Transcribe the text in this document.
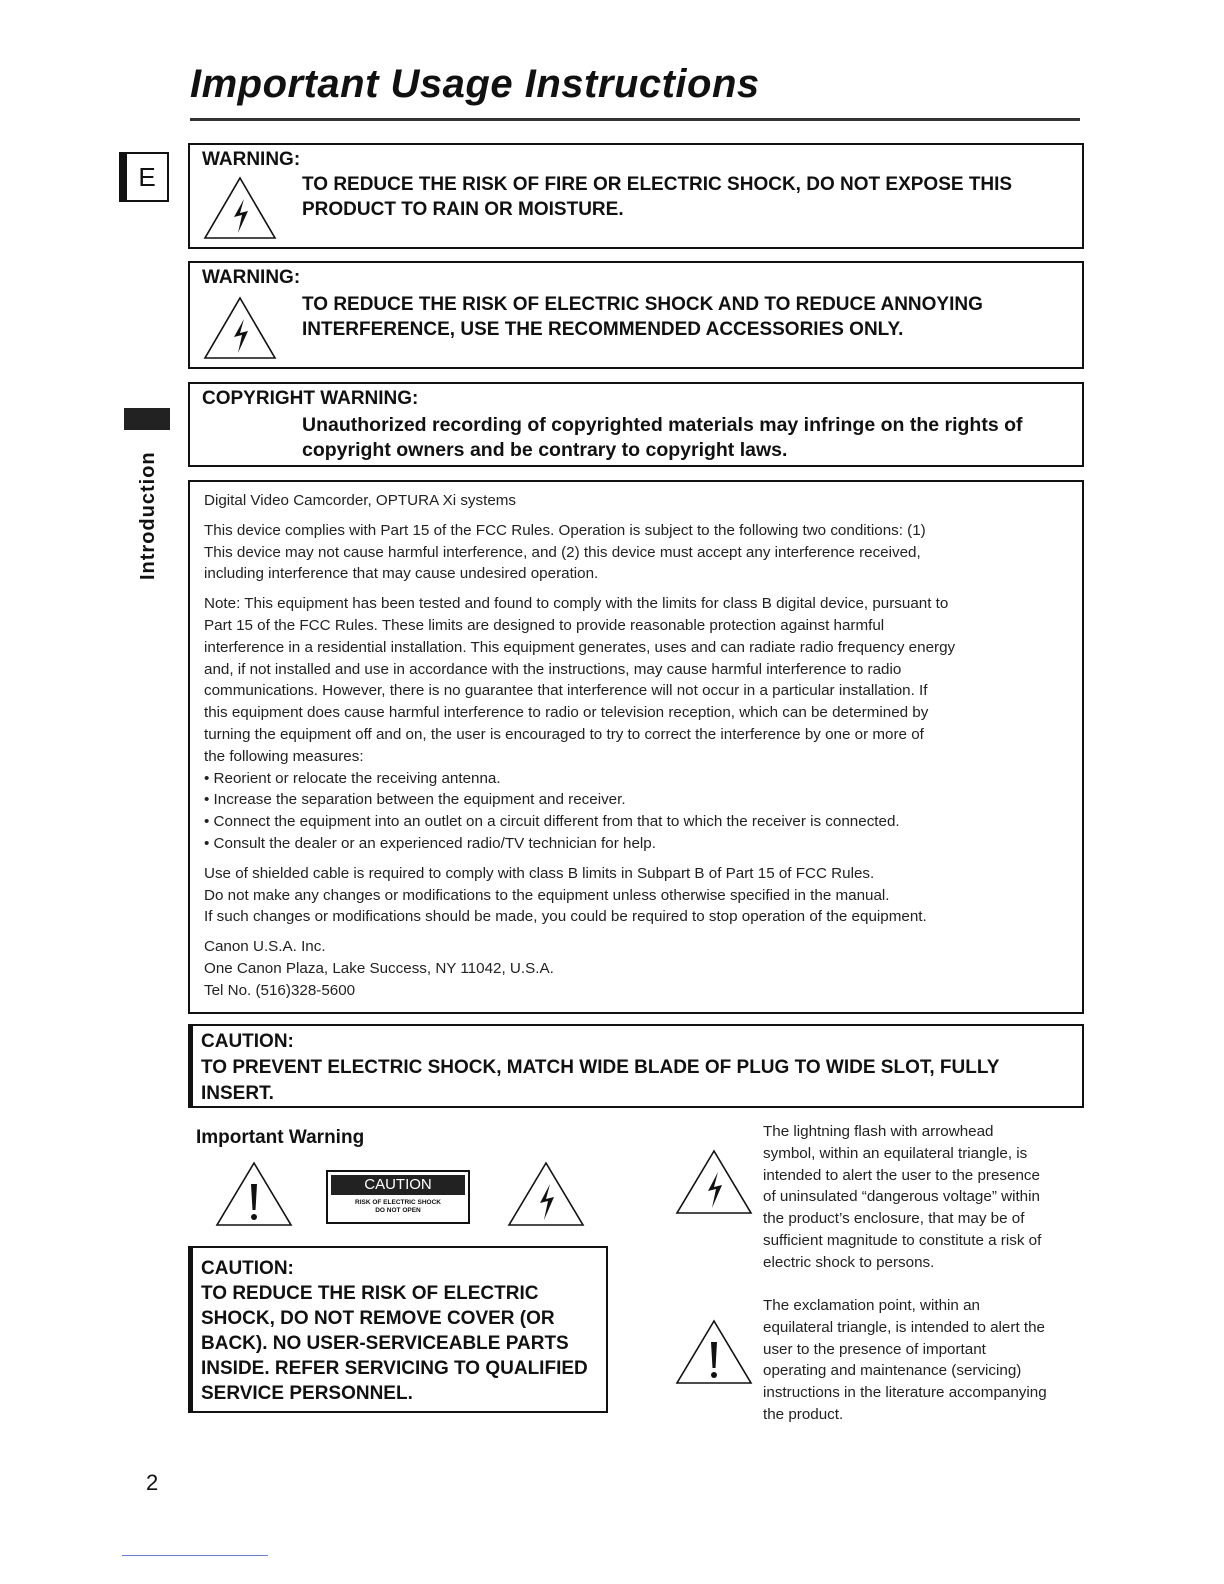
Important Usage Instructions
E
Introduction
WARNING:
TO REDUCE THE RISK OF FIRE OR ELECTRIC SHOCK, DO NOT EXPOSE THIS
PRODUCT TO RAIN OR MOISTURE.
WARNING:
TO REDUCE THE RISK OF ELECTRIC SHOCK AND TO REDUCE ANNOYING
INTERFERENCE, USE THE RECOMMENDED ACCESSORIES ONLY.
COPYRIGHT WARNING:
Unauthorized recording of copyrighted materials may infringe on the rights of
copyright owners and be contrary to copyright laws.

Digital Video Camcorder, OPTURA Xi systems

This device complies with Part 15 of the FCC Rules. Operation is subject to the following two conditions: (1)

This device may not cause harmful interference, and (2) this device must accept any interference received,

including interference that may cause undesired operation.

Note: This equipment has been tested and found to comply with the limits for class B digital device, pursuant to

Part 15 of the FCC Rules. These limits are designed to provide reasonable protection against harmful

interference in a residential installation. This equipment generates, uses and can radiate radio frequency energy

and, if not installed and use in accordance with the instructions, may cause harmful interference to radio

communications. However, there is no guarantee that interference will not occur in a particular installation. If

this equipment does cause harmful interference to radio or television reception, which can be determined by

turning the equipment off and on, the user is encouraged to try to correct the interference by one or more of

the following measures:

• Reorient or relocate the receiving antenna.

• Increase the separation between the equipment and receiver.

• Connect the equipment into an outlet on a circuit different from that to which the receiver is connected.

• Consult the dealer or an experienced radio/TV technician for help.

Use of shielded cable is required to comply with class B limits in Subpart B of Part 15 of FCC Rules.

Do not make any changes or modifications to the equipment unless otherwise specified in the manual.

If such changes or modifications should be made, you could be required to stop operation of the equipment.

Canon U.S.A. Inc.

One Canon Plaza, Lake Success, NY 11042, U.S.A.

Tel No. (516)328-5600

CAUTION:
TO PREVENT ELECTRIC SHOCK, MATCH WIDE BLADE OF PLUG TO WIDE SLOT, FULLY
INSERT.
Important Warning
CAUTION
RISK OF ELECTRIC SHOCK
DO NOT OPEN
CAUTION:
TO REDUCE THE RISK OF ELECTRIC
SHOCK, DO NOT REMOVE COVER (OR
BACK). NO USER-SERVICEABLE PARTS
INSIDE. REFER SERVICING TO QUALIFIED
SERVICE PERSONNEL.
The lightning flash with arrowhead
symbol, within an equilateral triangle, is
intended to alert the user to the presence
of uninsulated “dangerous voltage” within
the product’s enclosure, that may be of
sufficient magnitude to constitute a risk of
electric shock to persons.
The exclamation point, within an
equilateral triangle, is intended to alert the
user to the presence of important
operating and maintenance (servicing)
instructions in the literature accompanying
the product.
2
